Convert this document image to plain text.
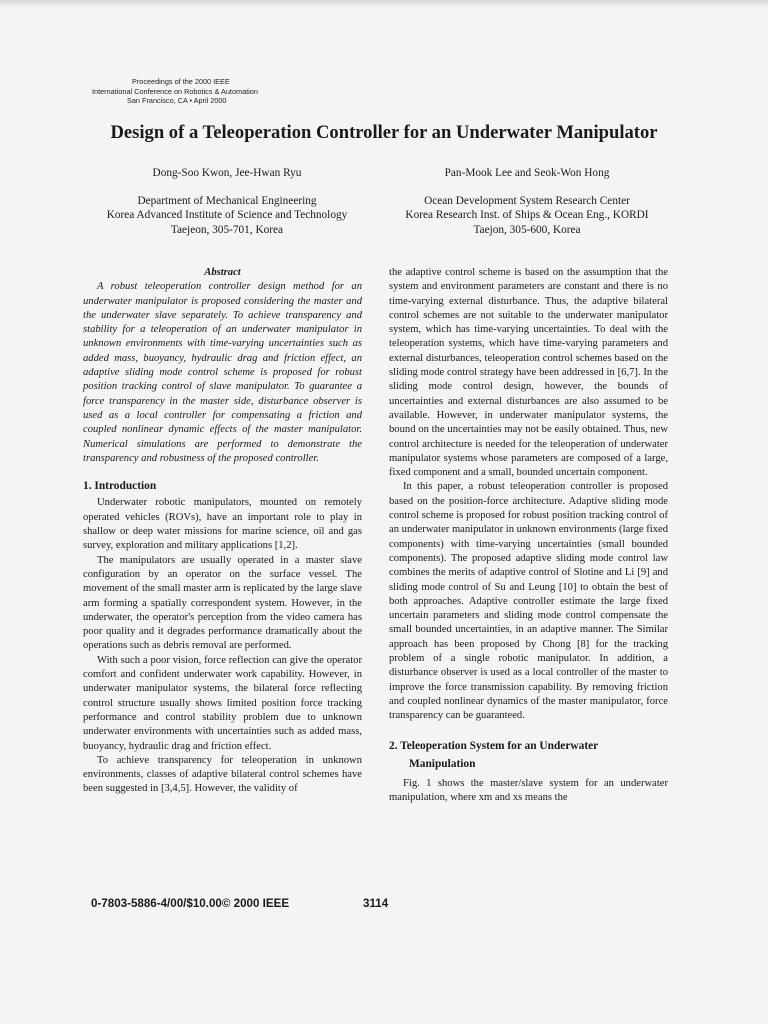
Proceedings of the 2000 IEEE
International Conference on Robotics & Automation
San Francisco, CA • April 2000
Design of a Teleoperation Controller for an Underwater Manipulator
Dong-Soo Kwon, Jee-Hwan Ryu
Department of Mechanical Engineering
Korea Advanced Institute of Science and Technology
Taejeon, 305-701, Korea
Pan-Mook Lee and Seok-Won Hong
Ocean Development System Research Center
Korea Research Inst. of Ships & Ocean Eng., KORDI
Taejon, 305-600, Korea

Abstract

A robust teleoperation controller design method for an underwater manipulator is proposed considering the master and the underwater slave separately. To achieve transparency and stability for a teleoperation of an underwater manipulator in unknown environments with time-varying uncertainties such as added mass, buoyancy, hydraulic drag and friction effect, an adaptive sliding mode control scheme is proposed for robust position tracking control of slave manipulator. To guarantee a force transparency in the master side, disturbance observer is used as a local controller for compensating a friction and coupled nonlinear dynamic effects of the master manipulator. Numerical simulations are performed to demonstrate the transparency and robustness of the proposed controller.

1. Introduction

Underwater robotic manipulators, mounted on remotely operated vehicles (ROVs), have an important role to play in shallow or deep water missions for marine science, oil and gas survey, exploration and military applications [1,2].

The manipulators are usually operated in a master slave configuration by an operator on the surface vessel. The movement of the small master arm is replicated by the large slave arm forming a spatially correspondent system. However, in the underwater, the operator's perception from the video camera has poor quality and it degrades performance dramatically about the operations such as debris removal are performed.

With such a poor vision, force reflection can give the operator comfort and confident underwater work capability. However, in underwater manipulator systems, the bilateral force reflecting control structure usually shows limited position force tracking performance and control stability problem due to unknown underwater environments with uncertainties such as added mass, buoyancy, hydraulic drag and friction effect.

To achieve transparency for teleoperation in unknown environments, classes of adaptive bilateral control schemes have been suggested in [3,4,5]. However, the validity of

the adaptive control scheme is based on the assumption that the system and environment parameters are constant and there is no time-varying external disturbance. Thus, the adaptive bilateral control schemes are not suitable to the underwater manipulator system, which has time-varying uncertainties. To deal with the teleoperation systems, which have time-varying parameters and external disturbances, teleoperation control schemes based on the sliding mode control strategy have been addressed in [6,7]. In the sliding mode control design, however, the bounds of uncertainties and external disturbances are also assumed to be available. However, in underwater manipulator systems, the bound on the uncertainties may not be easily obtained. Thus, new control architecture is needed for the teleoperation of underwater manipulator systems whose parameters are composed of a large, fixed component and a small, bounded uncertain component.

In this paper, a robust teleoperation controller is proposed based on the position-force architecture. Adaptive sliding mode control scheme is proposed for robust position tracking control of an underwater manipulator in unknown environments (large fixed components) with time-varying uncertainties (small bounded components). The proposed adaptive sliding mode control law combines the merits of adaptive control of Slotine and Li [9] and sliding mode control of Su and Leung [10] to obtain the best of both approaches. Adaptive controller estimate the large fixed uncertain parameters and sliding mode control compensate the small bounded uncertainties, in an adaptive manner. The Similar approach has been proposed by Chong [8] for the tracking problem of a single robotic manipulator. In addition, a disturbance observer is used as a local controller of the master to improve the force transmission capability. By removing friction and coupled nonlinear dynamics of the master manipulator, force transparency can be guaranteed.

2. Teleoperation System for an Underwater
Manipulation

Fig. 1 shows the master/slave system for an underwater manipulation, where xm and xs means the

0-7803-5886-4/00/$10.00© 2000 IEEE	3114
